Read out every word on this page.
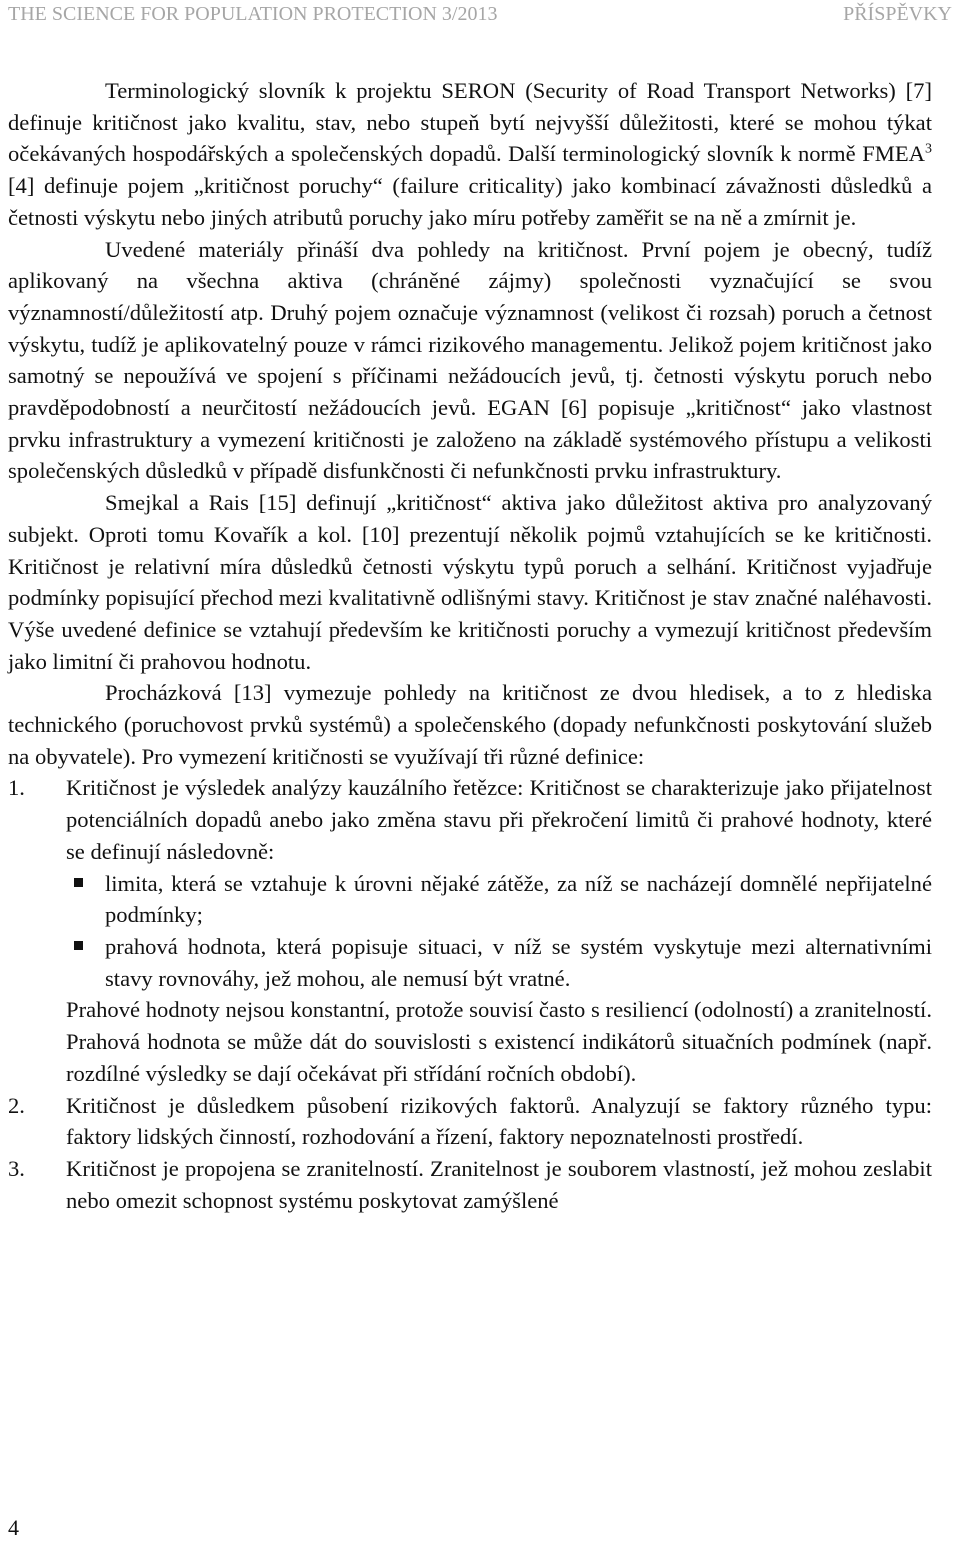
THE SCIENCE FOR POPULATION PROTECTION 3/2013	PŘÍSPĚVKY

Terminologický slovník k projektu SERON (Security of Road Transport Networks) [7] definuje kritičnost jako kvalitu, stav, nebo stupeň bytí nejvyšší důležitosti, které se mohou týkat očekávaných hospodářských a společenských dopadů. Další terminologický slovník k normě FMEA$^3$ [4] definuje pojem „kritičnost poruchy“ (failure criticality) jako kombinací závažnosti důsledků a četnosti výskytu nebo jiných atributů poruchy jako míru potřeby zaměřit se na ně a zmírnit je.

Uvedené materiály přináší dva pohledy na kritičnost. První pojem je obecný, tudíž aplikovaný na všechna aktiva (chráněné zájmy) společnosti vyznačující se svou významností/důležitostí atp. Druhý pojem označuje významnost (velikost či rozsah) poruch a četnost výskytu, tudíž je aplikovatelný pouze v rámci rizikového managementu. Jelikož pojem kritičnost jako samotný se nepoužívá ve spojení s příčinami nežádoucích jevů, tj. četnosti výskytu poruch nebo pravděpodobností a neurčitostí nežádoucích jevů. EGAN [6] popisuje „kritičnost“ jako vlastnost prvku infrastruktury a vymezení kritičnosti je založeno na základě systémového přístupu a velikosti společenských důsledků v případě disfunkčnosti či nefunkčnosti prvku infrastruktury.

Smejkal a Rais [15] definují „kritičnost“ aktiva jako důležitost aktiva pro analyzovaný subjekt. Oproti tomu Kovařík a kol. [10] prezentují několik pojmů vztahujících se ke kritičnosti. Kritičnost je relativní míra důsledků četnosti výskytu typů poruch a selhání. Kritičnost vyjadřuje podmínky popisující přechod mezi kvalitativně odlišnými stavy. Kritičnost je stav značné naléhavosti. Výše uvedené definice se vztahují především ke kritičnosti poruchy a vymezují kritičnost především jako limitní či prahovou hodnotu.

Procházková [13] vymezuje pohledy na kritičnost ze dvou hledisek, a to z hlediska technického (poruchovost prvků systémů) a společenského (dopady nefunkčnosti poskytování služeb na obyvatele). Pro vymezení kritičnosti se využívají tři různé definice:

1. Kritičnost je výsledek analýzy kauzálního řetězce: Kritičnost se charakterizuje jako přijatelnost potenciálních dopadů anebo jako změna stavu při překročení limitů či prahové hodnoty, které se definují následovně:

limita, která se vztahuje k úrovni nějaké zátěže, za níž se nacházejí domnělé nepřijatelné podmínky;
prahová hodnota, která popisuje situaci, v níž se systém vyskytuje mezi alternativními stavy rovnováhy, jež mohou, ale nemusí být vratné.

Prahové hodnoty nejsou konstantní, protože souvisí často s resiliencí (odolností) a zranitelností. Prahová hodnota se může dát do souvislosti s existencí indikátorů situačních podmínek (např. rozdílné výsledky se dají očekávat při střídání ročních období).

2. Kritičnost je důsledkem působení rizikových faktorů. Analyzují se faktory různého typu: faktory lidských činností, rozhodování a řízení, faktory nepoznatelnosti prostředí.

3. Kritičnost je propojena se zranitelností. Zranitelnost je souborem vlastností, jež mohou zeslabit nebo omezit schopnost systému poskytovat zamýšlené

4
